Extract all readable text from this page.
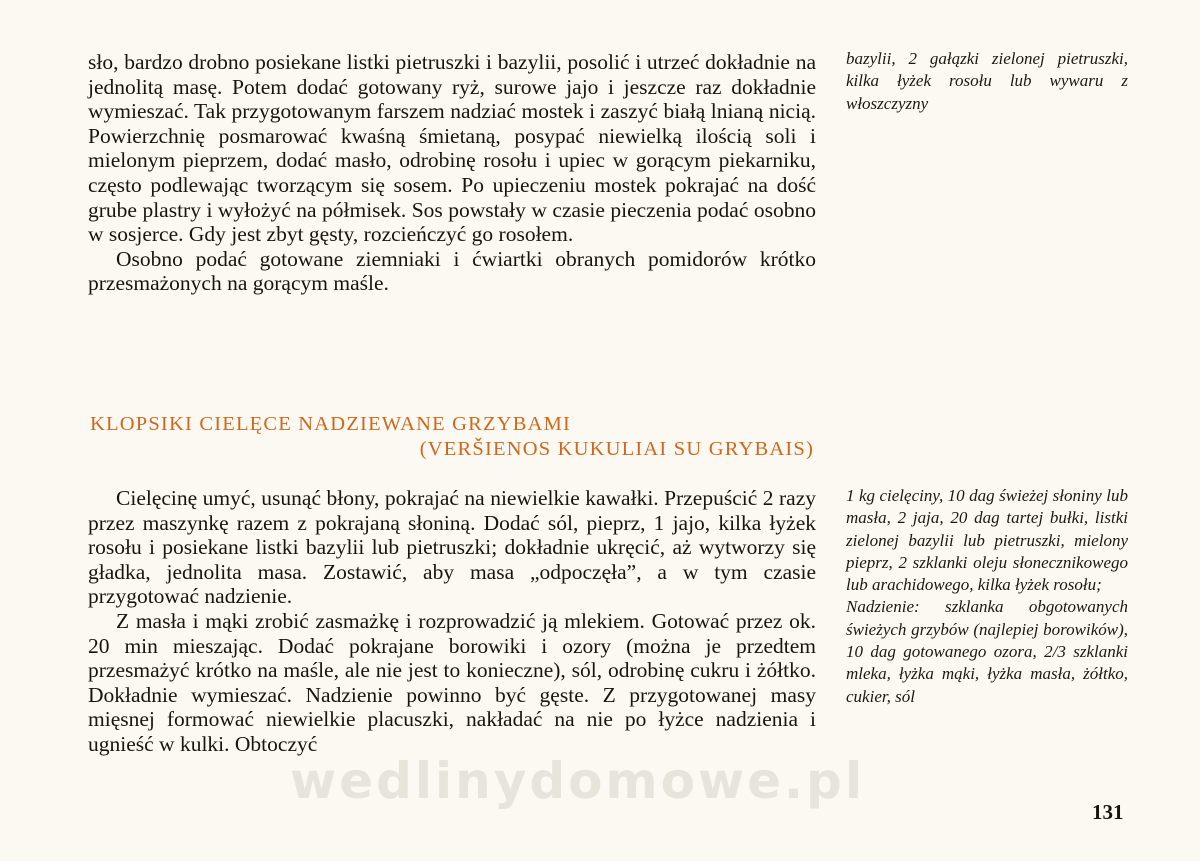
sło, bardzo drobno posiekane listki pietruszki i bazylii, posolić i utrzeć dokładnie na jednolitą masę. Potem dodać gotowany ryż, surowe jajo i jeszcze raz dokładnie wymieszać. Tak przygotowanym farszem nadziać mostek i zaszyć białą lnianą nicią. Powierzchnię posmarować kwaśną śmietaną, posypać niewielką ilością soli i mielonym pieprzem, dodać masło, odrobinę rosołu i upiec w gorącym piekarniku, często podlewając tworzącym się sosem. Po upieczeniu mostek pokrajać na dość grube plastry i wyłożyć na półmisek. Sos powstały w czasie pieczenia podać osobno w sosjerce. Gdy jest zbyt gęsty, rozcieńczyć go rosołem.

Osobno podać gotowane ziemniaki i ćwiartki obranych pomidorów krótko przesmażonych na gorącym maśle.

bazylii, 2 gałązki zielonej pietruszki, kilka łyżek rosołu lub wywaru z włoszczyzny

KLOPSIKI CIELĘCE NADZIEWANE GRZYBAMI
(VERŠIENOS KUKULIAI SU GRYBAIS)

Cielęcinę umyć, usunąć błony, pokrajać na niewielkie kawałki. Przepuścić 2 razy przez maszynkę razem z pokrajaną słoniną. Dodać sól, pieprz, 1 jajo, kilka łyżek rosołu i posiekane listki bazylii lub pietruszki; dokładnie ukręcić, aż wytworzy się gładka, jednolita masa. Zostawić, aby masa „odpoczęła”, a w tym czasie przygotować nadzienie.

Z masła i mąki zrobić zasmażkę i rozprowadzić ją mlekiem. Gotować przez ok. 20 min mieszając. Dodać pokrajane borowiki i ozory (można je przedtem przesmażyć krótko na maśle, ale nie jest to konieczne), sól, odrobinę cukru i żółtko. Dokładnie wymieszać. Nadzienie powinno być gęste. Z przygotowanej masy mięsnej formować niewielkie placuszki, nakładać na nie po łyżce nadzienia i ugnieść w kulki. Obtoczyć

1 kg cielęciny, 10 dag świeżej słoniny lub masła, 2 jaja, 20 dag tartej bułki, listki zielonej bazylii lub pietruszki, mielony pieprz, 2 szklanki oleju słonecznikowego lub arachidowego, kilka łyżek rosołu;

Nadzienie: szklanka obgotowanych świeżych grzybów (najlepiej borowików), 10 dag gotowanego ozora, 2/3 szklanki mleka, łyżka mąki, łyżka masła, żółtko, cukier, sól

wedlinydomowe.pl
131
